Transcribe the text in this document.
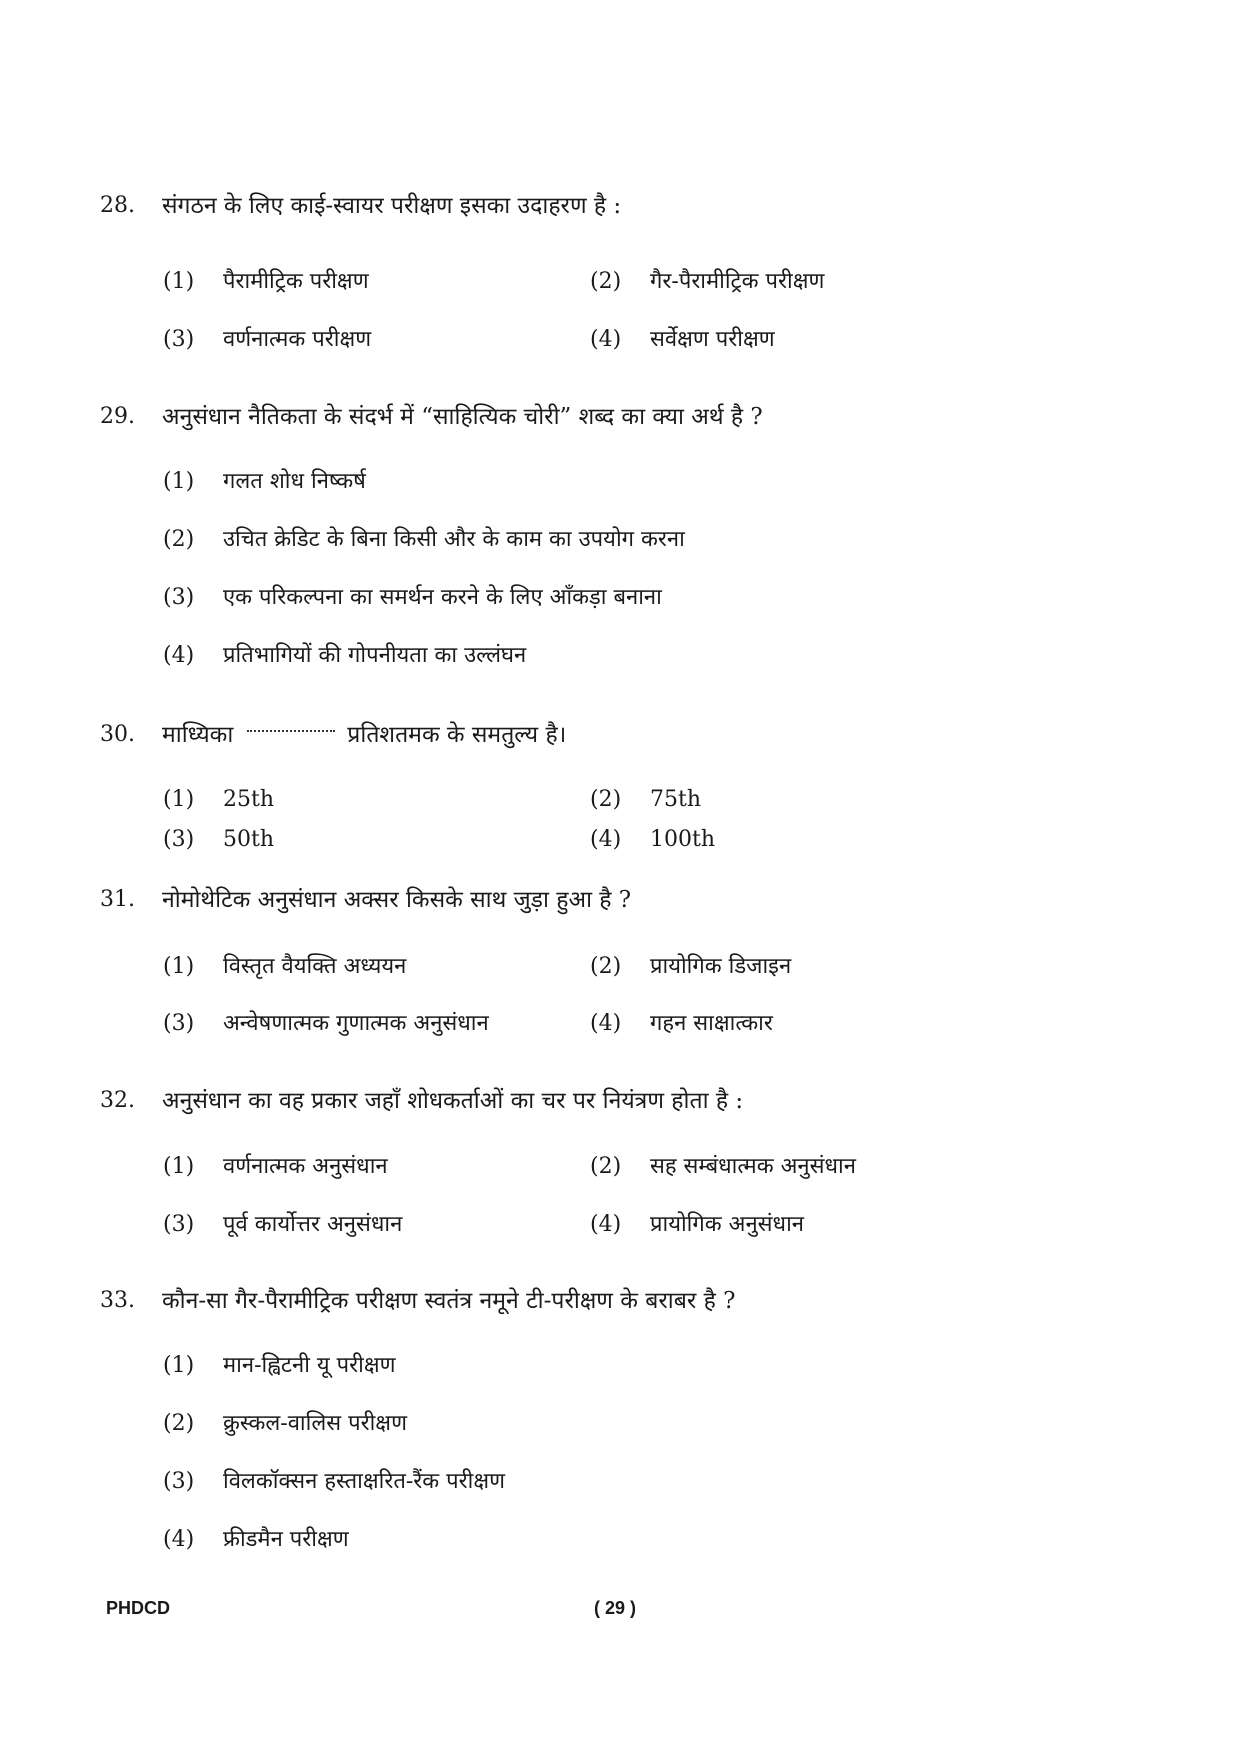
28. संगठन के लिए काई-स्वायर परीक्षण इसका उदाहरण है :
(1) पैरामीट्रिक परीक्षण	(2) गैर-पैरामीट्रिक परीक्षण
(3) वर्णनात्मक परीक्षण	(4) सर्वेक्षण परीक्षण
29. अनुसंधान नैतिकता के संदर्भ में “साहित्यिक चोरी” शब्द का क्या अर्थ है ?
(1) गलत शोध निष्कर्ष
(2) उचित क्रेडिट के बिना किसी और के काम का उपयोग करना
(3) एक परिकल्पना का समर्थन करने के लिए आँकड़ा बनाना
(4) प्रतिभागियों की गोपनीयता का उल्लंघन
30. माध्यिका	प्रतिशतमक के समतुल्य है।
(1) 25th	(2) 75th
(3) 50th	(4) 100th
31. नोमोथेटिक अनुसंधान अक्सर किसके साथ जुड़ा हुआ है ?
(1) विस्तृत वैयक्ति अध्ययन	(2) प्रायोगिक डिजाइन
(3) अन्वेषणात्मक गुणात्मक अनुसंधान	(4) गहन साक्षात्कार
32. अनुसंधान का वह प्रकार जहाँ शोधकर्ताओं का चर पर नियंत्रण होता है :
(1) वर्णनात्मक अनुसंधान	(2) सह सम्बंधात्मक अनुसंधान
(3) पूर्व कार्योत्तर अनुसंधान	(4) प्रायोगिक अनुसंधान
33. कौन-सा गैर-पैरामीट्रिक परीक्षण स्वतंत्र नमूने टी-परीक्षण के बराबर है ?
(1) मान-ह्विटनी यू परीक्षण
(2) क्रुस्कल-वालिस परीक्षण
(3) विलकॉक्सन हस्ताक्षरित-रैंक परीक्षण
(4) फ्रीडमैन परीक्षण
PHDCD	( 29 )
